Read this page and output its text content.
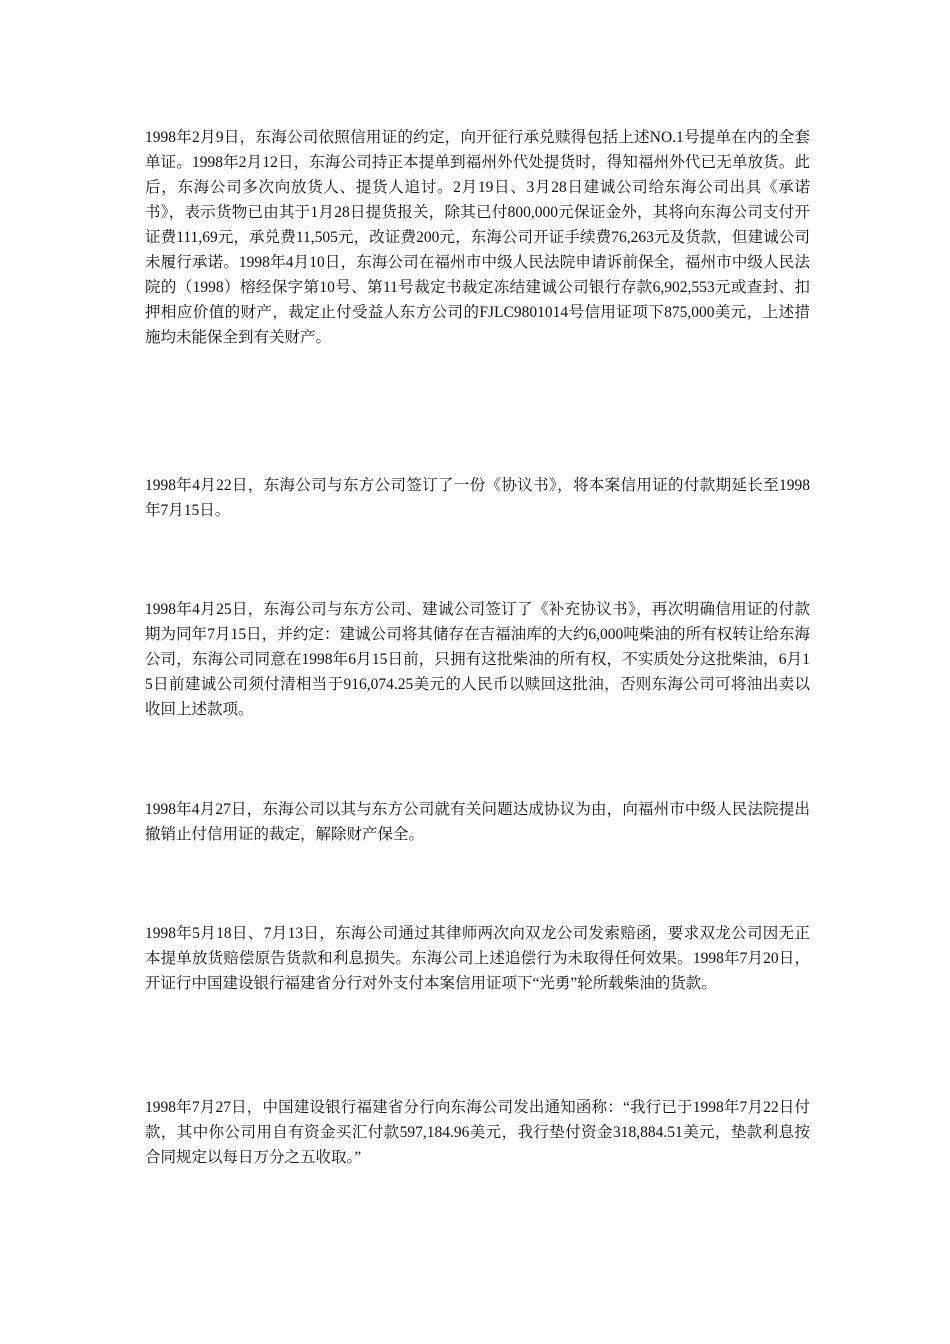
1998年2月9日，东海公司依照信用证的约定，向开征行承兑赎得包括上述NO.1号提单在内的全套单证。1998年2月12日，东海公司持正本提单到福州外代处提货时，得知福州外代已无单放货。此后，东海公司多次向放货人、提货人追讨。2月19日、3月28日建诚公司给东海公司出具《承诺书》，表示货物已由其于1月28日提货报关，除其已付800,000元保证金外，其将向东海公司支付开证费111,69元，承兑费11,505元，改证费200元，东海公司开证手续费76,263元及货款，但建诚公司未履行承诺。1998年4月10日，东海公司在福州市中级人民法院申请诉前保全，福州市中级人民法院的（1998）榕经保字第10号、第11号裁定书裁定冻结建诚公司银行存款6,902,553元或查封、扣押相应价值的财产，裁定止付受益人东方公司的FJLC9801014号信用证项下875,000美元，上述措施均未能保全到有关财产。

1998年4月22日，东海公司与东方公司签订了一份《协议书》，将本案信用证的付款期延长至1998年7月15日。

1998年4月25日，东海公司与东方公司、建诚公司签订了《补充协议书》，再次明确信用证的付款期为同年7月15日，并约定：建诚公司将其储存在吉福油库的大约6,000吨柴油的所有权转让给东海公司，东海公司同意在1998年6月15日前，只拥有这批柴油的所有权，不实质处分这批柴油，6月15日前建诚公司须付清相当于916,074.25美元的人民币以赎回这批油，否则东海公司可将油出卖以收回上述款项。

1998年4月27日，东海公司以其与东方公司就有关问题达成协议为由，向福州市中级人民法院提出撤销止付信用证的裁定，解除财产保全。

1998年5月18日、7月13日，东海公司通过其律师两次向双龙公司发索赔函，要求双龙公司因无正本提单放货赔偿原告货款和利息损失。东海公司上述追偿行为未取得任何效果。1998年7月20日，开证行中国建设银行福建省分行对外支付本案信用证项下“光勇”轮所载柴油的货款。

1998年7月27日，中国建设银行福建省分行向东海公司发出通知函称：“我行已于1998年7月22日付款，其中你公司用自有资金买汇付款597,184.96美元，我行垫付资金318,884.51美元，垫款利息按合同规定以每日万分之五收取。”
